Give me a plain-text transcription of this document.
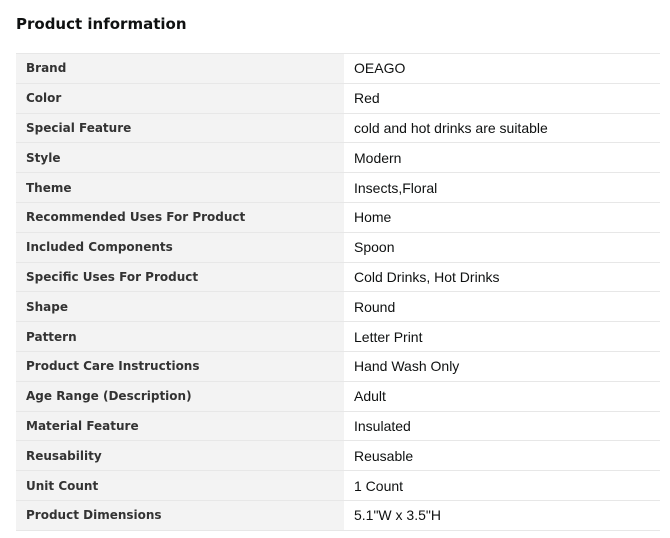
Product information
Brand	OEAGO
Color	Red
Special Feature	cold and hot drinks are suitable
Style	Modern
Theme	Insects,Floral
Recommended Uses For Product	Home
Included Components	Spoon
Specific Uses For Product	Cold Drinks, Hot Drinks
Shape	Round
Pattern	Letter Print
Product Care Instructions	Hand Wash Only
Age Range (Description)	Adult
Material Feature	Insulated
Reusability	Reusable
Unit Count	1 Count
Product Dimensions	5.1"W x 3.5"H
